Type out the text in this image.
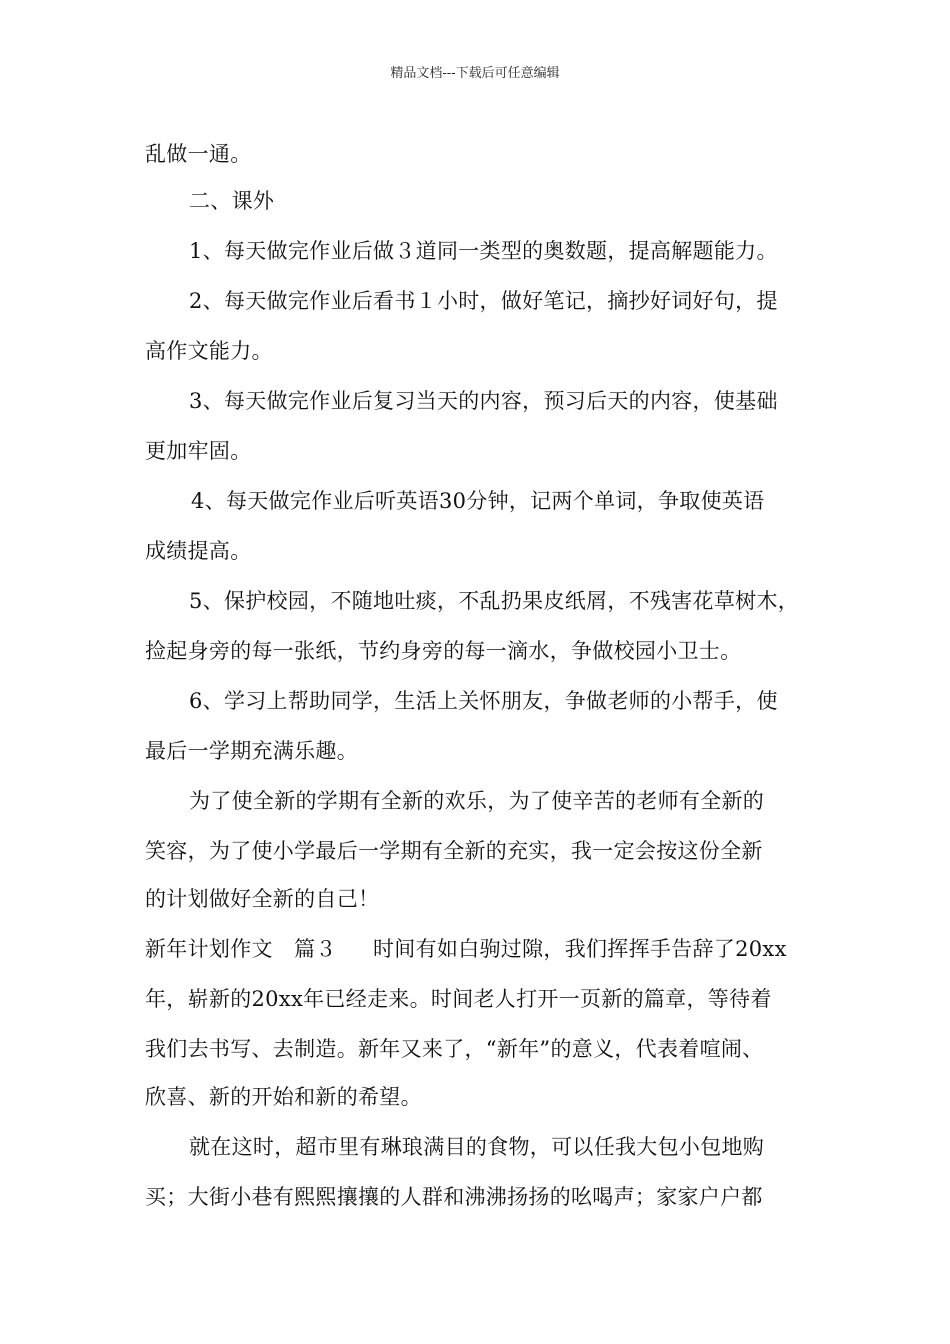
精品文档---下载后可任意编辑
乱做一通。
二、课外
1、每天做完作业后做３道同一类型的奥数题，提高解题能力。
2、每天做完作业后看书１小时，做好笔记，摘抄好词好句，提
高作文能力。
3、每天做完作业后复习当天的内容，预习后天的内容，使基础
更加牢固。
4、每天做完作业后听英语30分钟，记两个单词，争取使英语
成绩提高。
5、保护校园，不随地吐痰，不乱扔果皮纸屑，不残害花草树木，
捡起身旁的每一张纸，节约身旁的每一滴水，争做校园小卫士。
6、学习上帮助同学，生活上关怀朋友，争做老师的小帮手，使
最后一学期充满乐趣。
为了使全新的学期有全新的欢乐，为了使辛苦的老师有全新的
笑容，为了使小学最后一学期有全新的充实，我一定会按这份全新
的计划做好全新的自己！
新年计划作文　篇３ 时间有如白驹过隙，我们挥挥手告辞了20xx
年，崭新的20xx年已经走来。时间老人打开一页新的篇章，等待着
我们去书写、去制造。新年又来了，“新年”的意义，代表着喧闹、
欣喜、新的开始和新的希望。
就在这时，超市里有琳琅满目的食物，可以任我大包小包地购
买；大街小巷有熙熙攘攘的人群和沸沸扬扬的吆喝声；家家户户都
